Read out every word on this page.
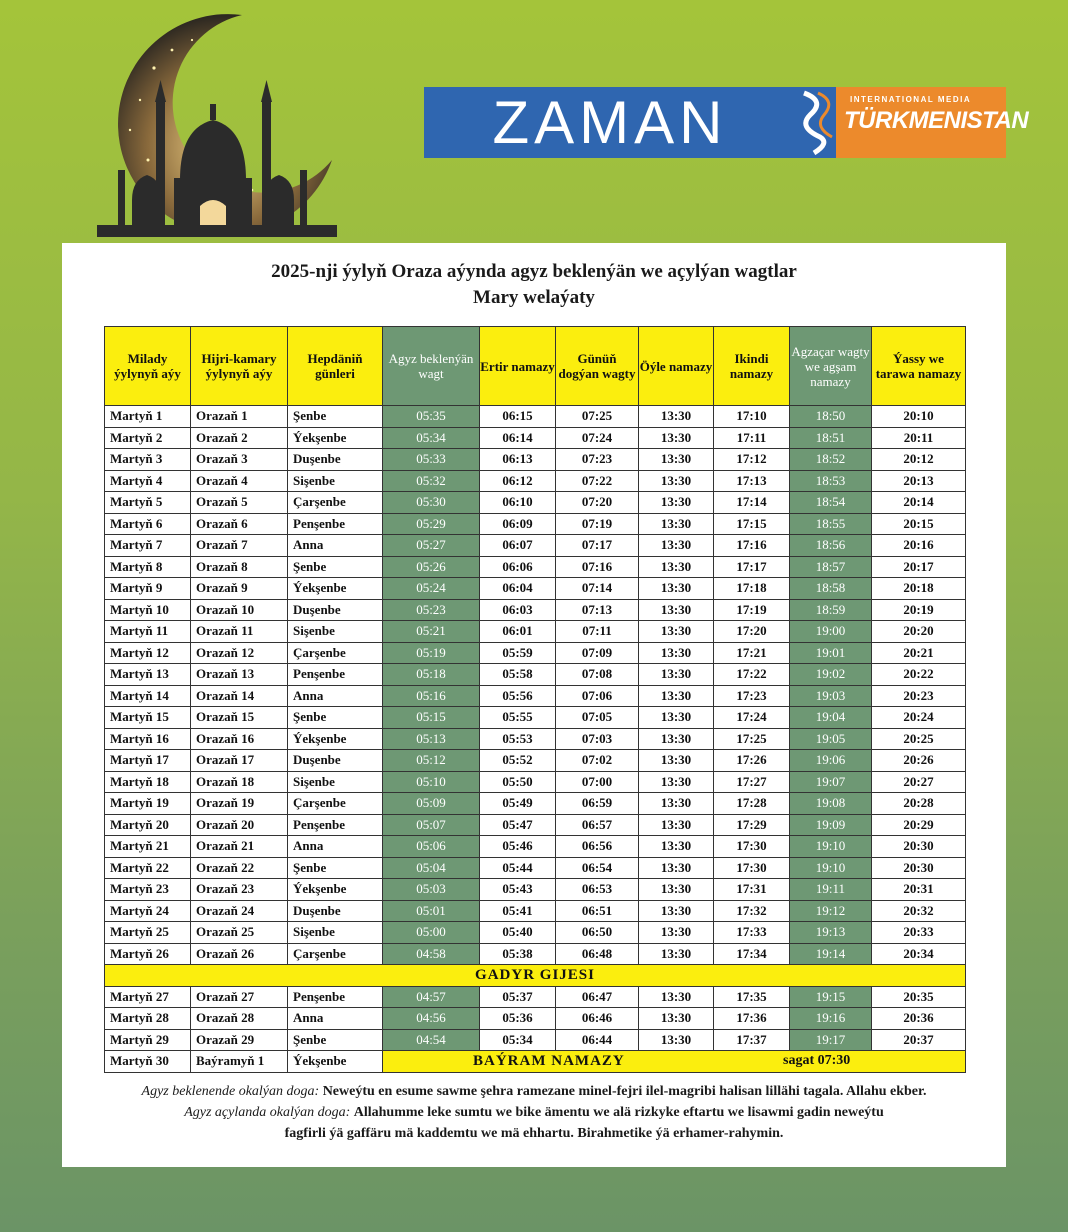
ZAMAN	INTERNATIONAL MEDIA
TÜRKMENISTAN
2025-nji ýylyň Oraza aýynda agyz beklenýän we açylýan wagtlar
Mary welaýaty
Milady ýylynyň aýy	Hijri-kamary ýylynyň aýy	Hepdäniň günleri	Agyz beklenýän wagt	Ertir namazy	Günüň dogýan wagty	Öýle namazy	Ikindi namazy	Agzaçar wagty we agşam namazy	Ýassy we tarawa namazy
Martyň 1	Orazaň 1	Şenbe	05:35	06:15	07:25	13:30	17:10	18:50	20:10
Martyň 2	Orazaň 2	Ýekşenbe	05:34	06:14	07:24	13:30	17:11	18:51	20:11
Martyň 3	Orazaň 3	Duşenbe	05:33	06:13	07:23	13:30	17:12	18:52	20:12
Martyň 4	Orazaň 4	Sişenbe	05:32	06:12	07:22	13:30	17:13	18:53	20:13
Martyň 5	Orazaň 5	Çarşenbe	05:30	06:10	07:20	13:30	17:14	18:54	20:14
Martyň 6	Orazaň 6	Penşenbe	05:29	06:09	07:19	13:30	17:15	18:55	20:15
Martyň 7	Orazaň 7	Anna	05:27	06:07	07:17	13:30	17:16	18:56	20:16
Martyň 8	Orazaň 8	Şenbe	05:26	06:06	07:16	13:30	17:17	18:57	20:17
Martyň 9	Orazaň 9	Ýekşenbe	05:24	06:04	07:14	13:30	17:18	18:58	20:18
Martyň 10	Orazaň 10	Duşenbe	05:23	06:03	07:13	13:30	17:19	18:59	20:19
Martyň 11	Orazaň 11	Sişenbe	05:21	06:01	07:11	13:30	17:20	19:00	20:20
Martyň 12	Orazaň 12	Çarşenbe	05:19	05:59	07:09	13:30	17:21	19:01	20:21
Martyň 13	Orazaň 13	Penşenbe	05:18	05:58	07:08	13:30	17:22	19:02	20:22
Martyň 14	Orazaň 14	Anna	05:16	05:56	07:06	13:30	17:23	19:03	20:23
Martyň 15	Orazaň 15	Şenbe	05:15	05:55	07:05	13:30	17:24	19:04	20:24
Martyň 16	Orazaň 16	Ýekşenbe	05:13	05:53	07:03	13:30	17:25	19:05	20:25
Martyň 17	Orazaň 17	Duşenbe	05:12	05:52	07:02	13:30	17:26	19:06	20:26
Martyň 18	Orazaň 18	Sişenbe	05:10	05:50	07:00	13:30	17:27	19:07	20:27
Martyň 19	Orazaň 19	Çarşenbe	05:09	05:49	06:59	13:30	17:28	19:08	20:28
Martyň 20	Orazaň 20	Penşenbe	05:07	05:47	06:57	13:30	17:29	19:09	20:29
Martyň 21	Orazaň 21	Anna	05:06	05:46	06:56	13:30	17:30	19:10	20:30
Martyň 22	Orazaň 22	Şenbe	05:04	05:44	06:54	13:30	17:30	19:10	20:30
Martyň 23	Orazaň 23	Ýekşenbe	05:03	05:43	06:53	13:30	17:31	19:11	20:31
Martyň 24	Orazaň 24	Duşenbe	05:01	05:41	06:51	13:30	17:32	19:12	20:32
Martyň 25	Orazaň 25	Sişenbe	05:00	05:40	06:50	13:30	17:33	19:13	20:33
Martyň 26	Orazaň 26	Çarşenbe	04:58	05:38	06:48	13:30	17:34	19:14	20:34
GADYR GIJESI									
Martyň 27	Orazaň 27	Penşenbe	04:57	05:37	06:47	13:30	17:35	19:15	20:35
Martyň 28	Orazaň 28	Anna	04:56	05:36	06:46	13:30	17:36	19:16	20:36
Martyň 29	Orazaň 29	Şenbe	04:54	05:34	06:44	13:30	17:37	19:17	20:37
Martyň 30	Baýramyň 1	Ýekşenbe	BAÝRAM NAMAZY sagat 07:30						
Agyz beklenende okalýan doga: Neweýtu en esume sawme şehra ramezane minel-fejri ilel-magribi halisan lillähi tagala. Allahu ekber.
Agyz açylanda okalýan doga: Allahumme leke sumtu we bike ämentu we alä rizkyke eftartu we lisawmi gadin neweýtu
fagfirli ýä gaffäru mä kaddemtu we mä ehhartu. Birahmetike ýä erhamer-rahymin.
